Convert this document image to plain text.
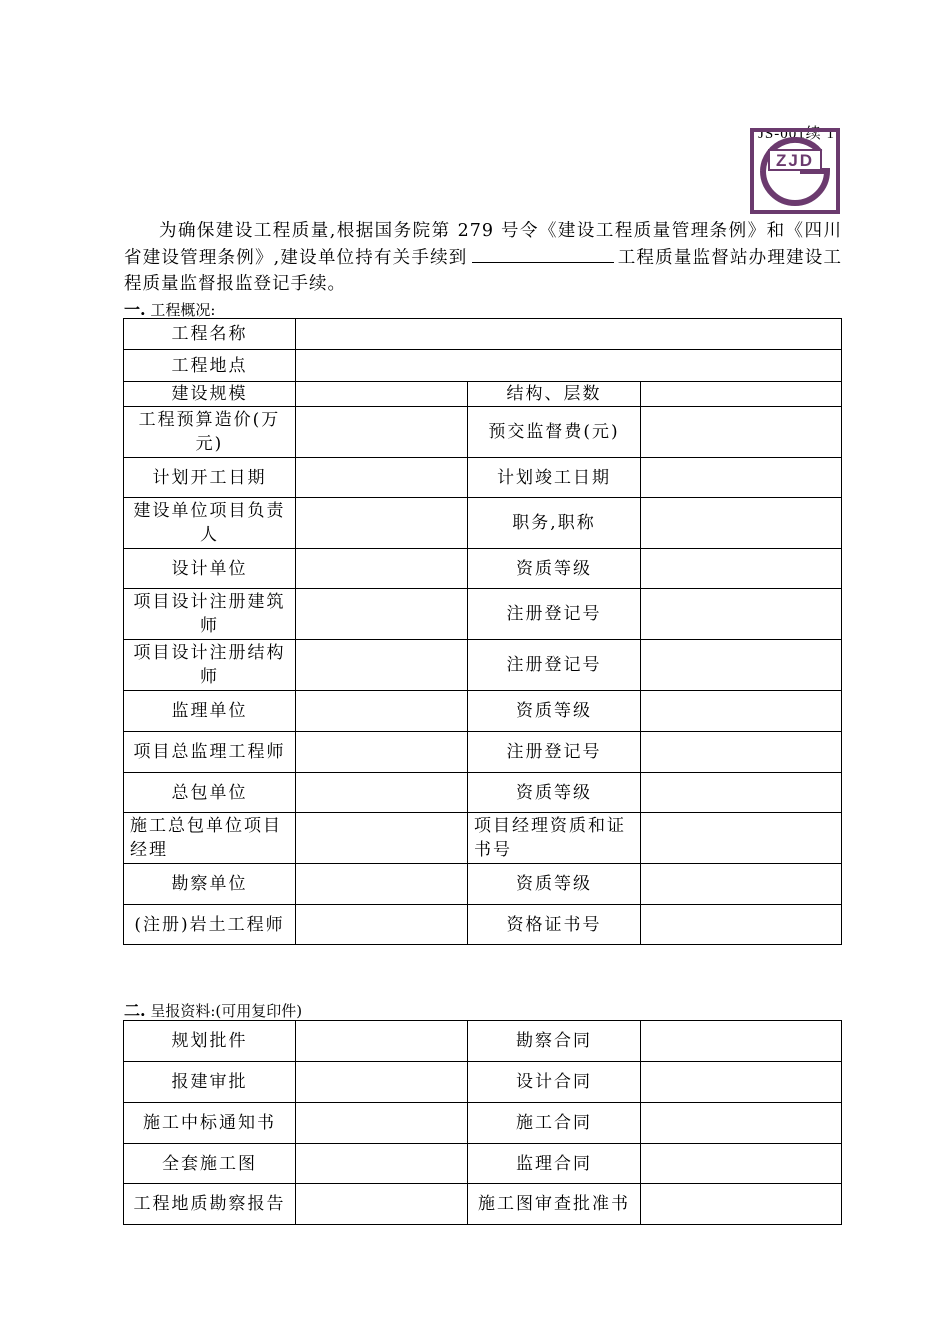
JS-001续 1
ZJD
为确保建设工程质量,根据国务院第 279 号令《建设工程质量管理条例》和《四川省建设管理条例》,建设单位持有关手续到	工程质量监督站办理建设工程质量监督报监登记手续。
一. 工程概况:
工程名称			
工程地点			
建设规模		结构、层数	
工程预算造价(万元)		预交监督费(元)	
计划开工日期		计划竣工日期	
建设单位项目负责人		职务,职称	
设计单位		资质等级	
项目设计注册建筑师		注册登记号	
项目设计注册结构师		注册登记号	
监理单位		资质等级	
项目总监理工程师		注册登记号	
总包单位		资质等级	
施工总包单位项目经理		项目经理资质和证书号	
勘察单位		资质等级	
(注册)岩土工程师		资格证书号	
二. 呈报资料:(可用复印件)
规划批件		勘察合同	
报建审批		设计合同	
施工中标通知书		施工合同	
全套施工图		监理合同	
工程地质勘察报告		施工图审查批准书	
